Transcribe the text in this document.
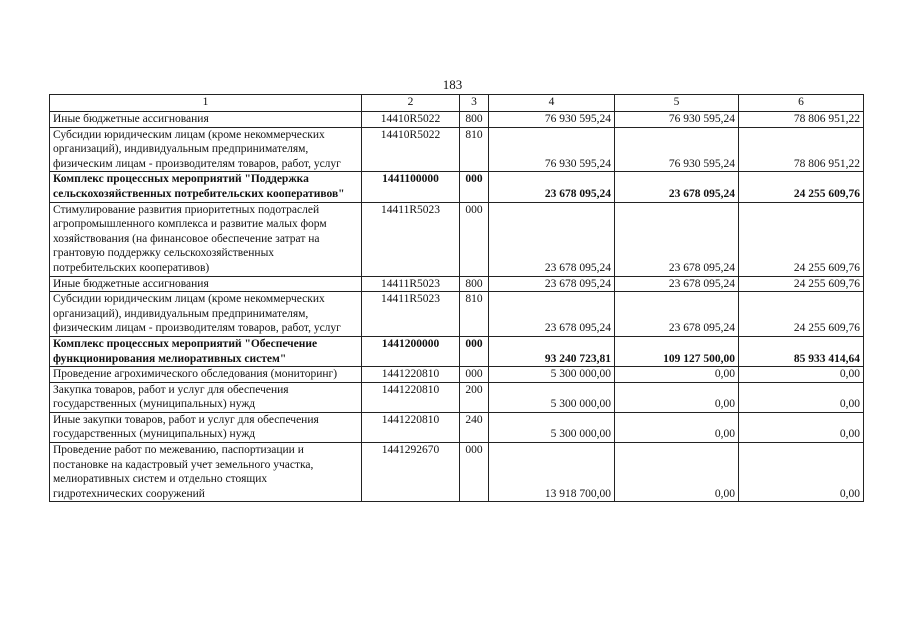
183
1	2	3	4	5	6
Иные бюджетные ассигнования	14410R5022	800	76 930 595,24	76 930 595,24	78 806 951,22
Субсидии юридическим лицам (кроме некоммерческих организаций), индивидуальным предпринимателям, физическим лицам - производителям товаров, работ, услуг	14410R5022	810	76 930 595,24	76 930 595,24	78 806 951,22
Комплекс процессных мероприятий "Поддержка сельскохозяйственных потребительских кооперативов"	1441100000	000	23 678 095,24	23 678 095,24	24 255 609,76
Стимулирование развития приоритетных подотраслей агропромышленного комплекса и развитие малых форм хозяйствования (на финансовое обеспечение затрат на грантовую поддержку сельскохозяйственных потребительских кооперативов)	14411R5023	000	23 678 095,24	23 678 095,24	24 255 609,76
Иные бюджетные ассигнования	14411R5023	800	23 678 095,24	23 678 095,24	24 255 609,76
Субсидии юридическим лицам (кроме некоммерческих организаций), индивидуальным предпринимателям, физическим лицам - производителям товаров, работ, услуг	14411R5023	810	23 678 095,24	23 678 095,24	24 255 609,76
Комплекс процессных мероприятий "Обеспечение функционирования мелиоративных систем"	1441200000	000	93 240 723,81	109 127 500,00	85 933 414,64
Проведение агрохимического обследования (мониторинг)	1441220810	000	5 300 000,00	0,00	0,00
Закупка товаров, работ и услуг для обеспечения государственных (муниципальных) нужд	1441220810	200	5 300 000,00	0,00	0,00
Иные закупки товаров, работ и услуг для обеспечения государственных (муниципальных) нужд	1441220810	240	5 300 000,00	0,00	0,00
Проведение работ по межеванию, паспортизации и постановке на кадастровый учет земельного участка, мелиоративных систем и отдельно стоящих гидротехнических сооружений	1441292670	000	13 918 700,00	0,00	0,00
